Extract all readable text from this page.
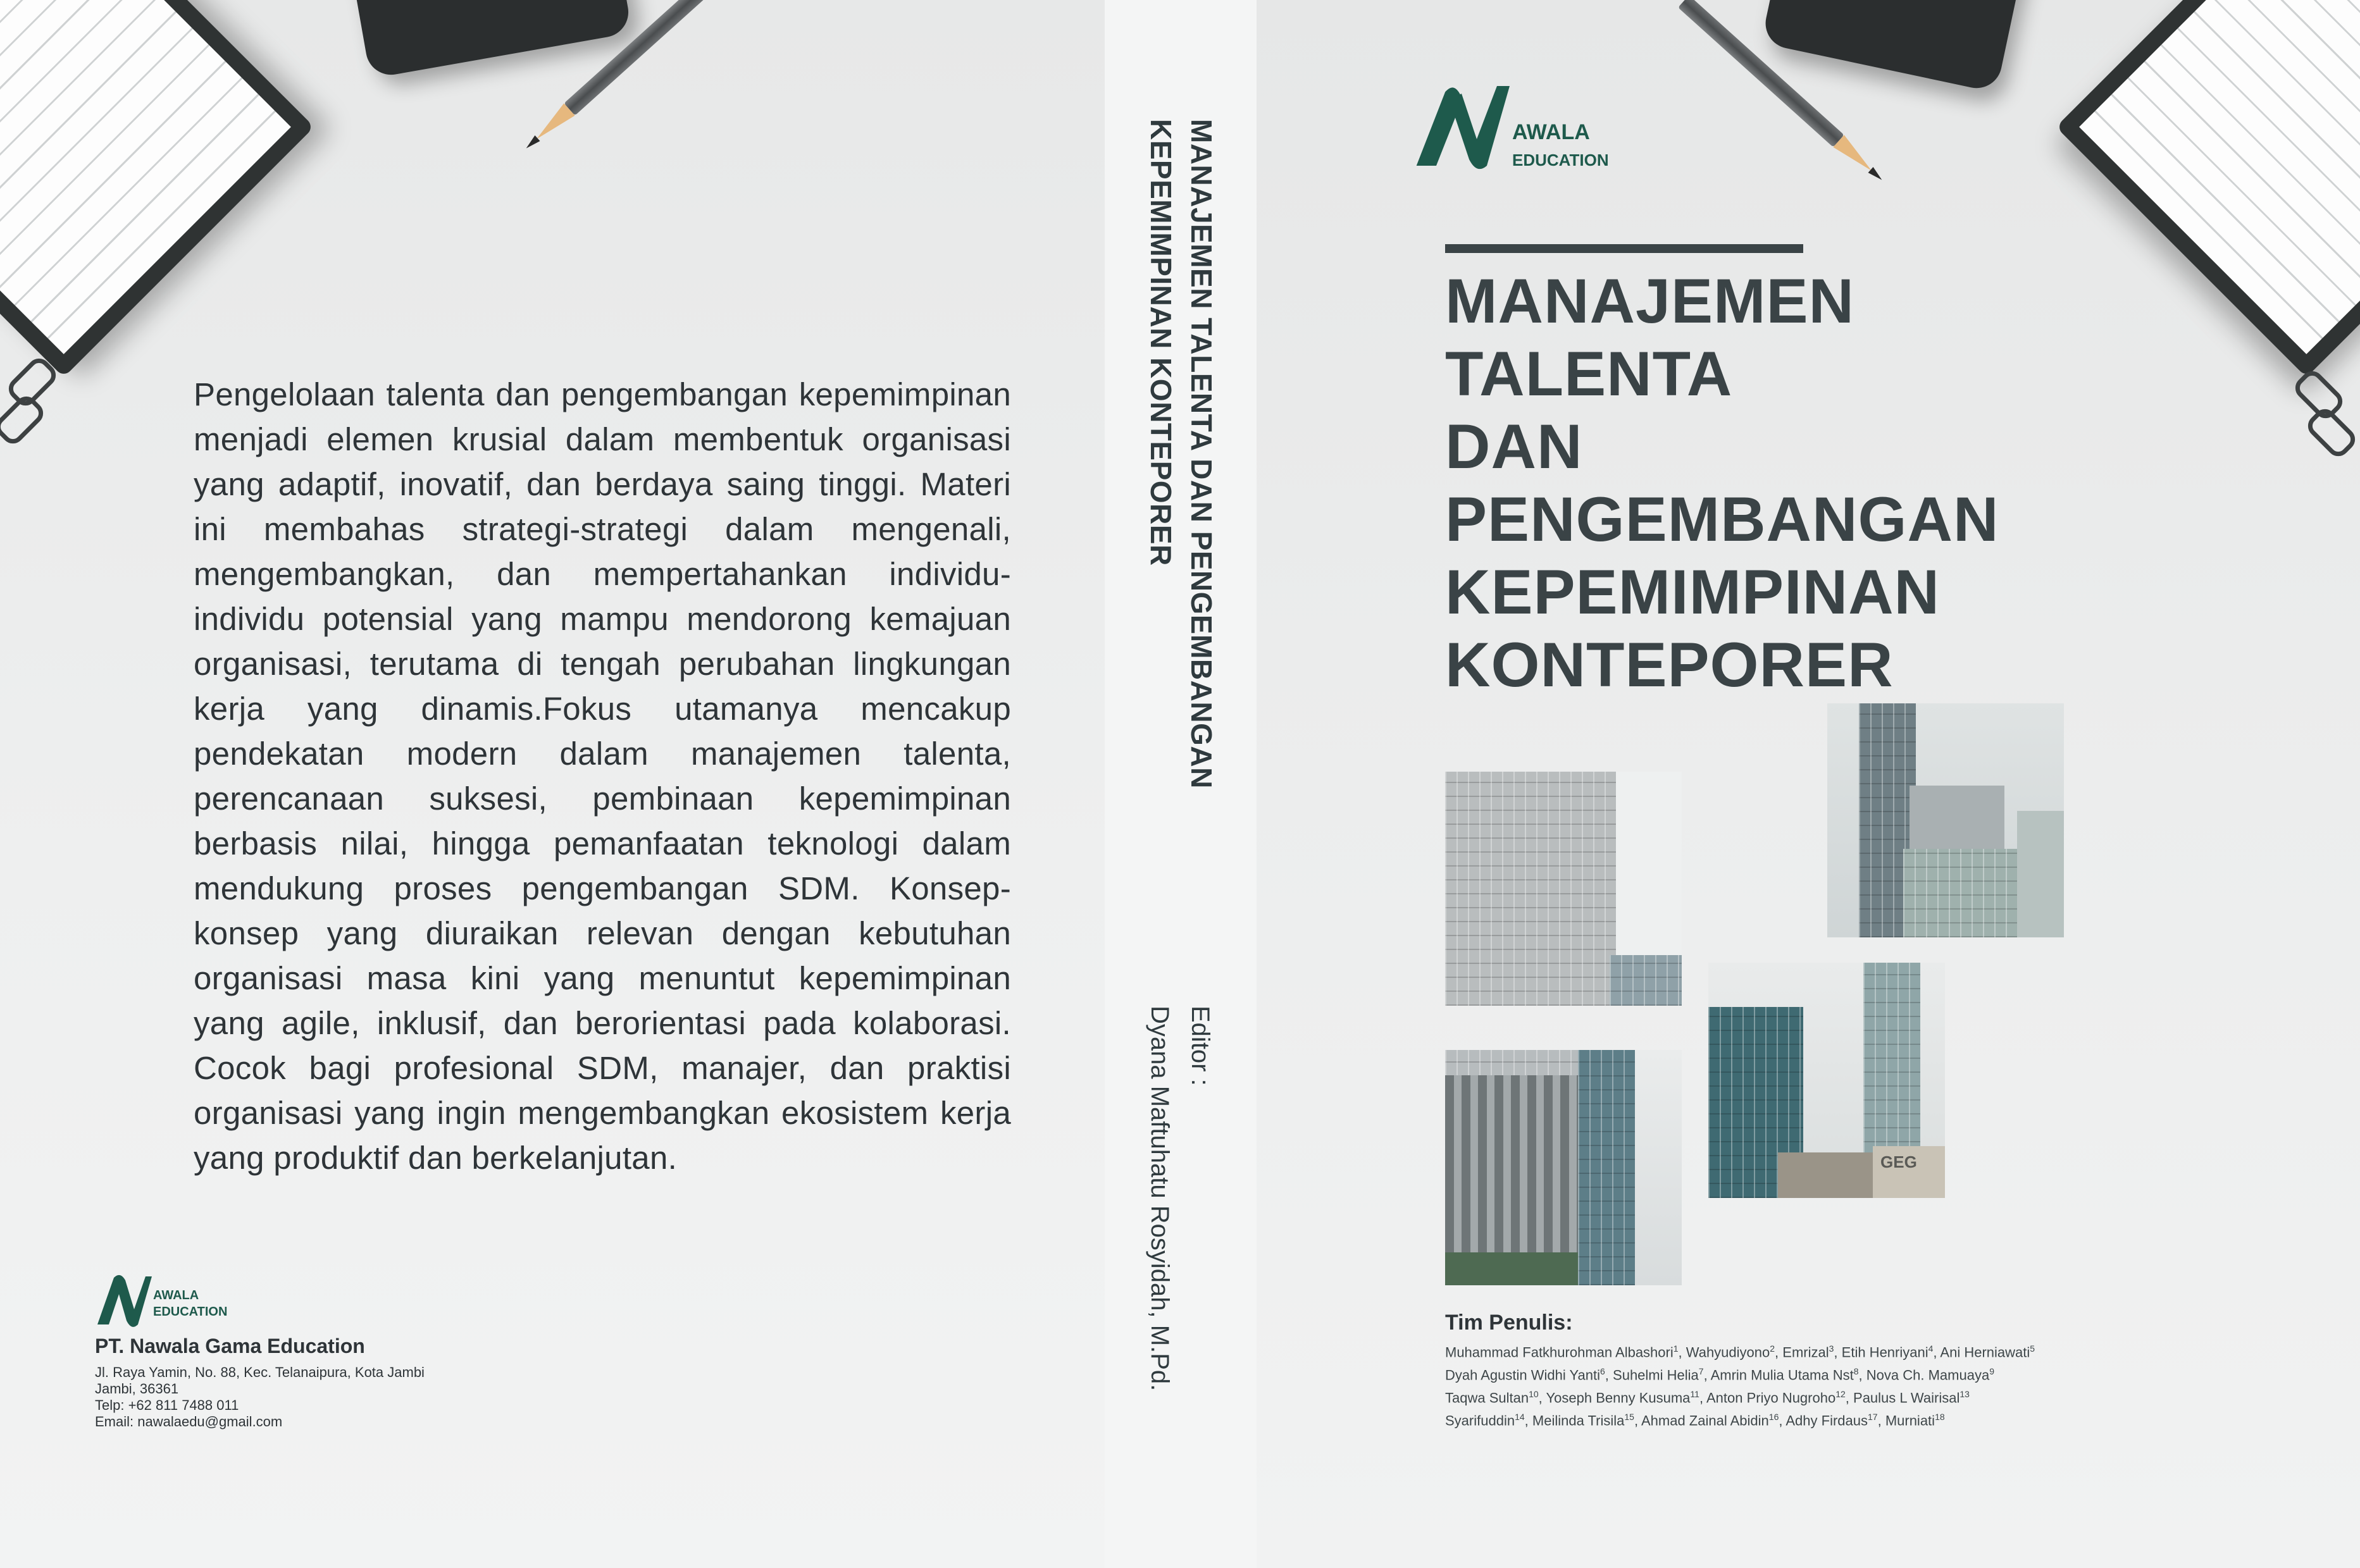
Pengelolaan talenta dan pengembangan kepemimpinan menjadi elemen krusial dalam membentuk organisasi yang adaptif, inovatif, dan berdaya saing tinggi. Materi ini membahas strategi-strategi dalam mengenali, mengembangkan, dan mempertahankan individu-individu potensial yang mampu mendorong kemajuan organisasi, terutama di tengah perubahan lingkungan kerja yang dinamis.Fokus utamanya mencakup pendekatan modern dalam manajemen talenta, perencanaan suksesi, pembinaan kepemimpinan berbasis nilai, hingga pemanfaatan teknologi dalam mendukung proses pengembangan SDM. Konsep-konsep yang diuraikan relevan dengan kebutuhan organisasi masa kini yang menuntut kepemimpinan yang agile, inklusif, dan berorientasi pada kolaborasi. Cocok bagi profesional SDM, manajer, dan praktisi organisasi yang ingin mengembangkan ekosistem kerja yang produktif dan berkelanjutan.

AWALA
EDUCATION
PT. Nawala Gama Education
Jl. Raya Yamin, No. 88, Kec. Telanaipura, Kota Jambi
Jambi, 36361
Telp: +62 811 7488 011
Email: nawalaedu@gmail.com
MANAJEMEN TALENTA DAN PENGEMBANGAN
KEPEMIMPINAN KONTEPORER
Editor :
Dyana Maftuhatu Rosyidah, M.Pd.
AWALA
EDUCATION
MANAJEMEN
TALENTA
DAN
PENGEMBANGAN
KEPEMIMPINAN
KONTEPORER
GEG
Tim Penulis:
Muhammad Fatkhurohman Albashori$^1$, Wahyudiyono$^2$, Emrizal$^3$, Etih Henriyani$^4$, Ani Herniawati$^5$
Dyah Agustin Widhi Yanti$^6$, Suhelmi Helia$^7$, Amrin Mulia Utama Nst$^8$, Nova Ch. Mamuaya$^9$
Taqwa Sultan$^{10}$, Yoseph Benny Kusuma$^{11}$, Anton Priyo Nugroho$^{12}$, Paulus L Wairisal$^{13}$
Syarifuddin$^{14}$, Meilinda Trisila$^{15}$, Ahmad Zainal Abidin$^{16}$, Adhy Firdaus$^{17}$, Murniati$^{18}$
